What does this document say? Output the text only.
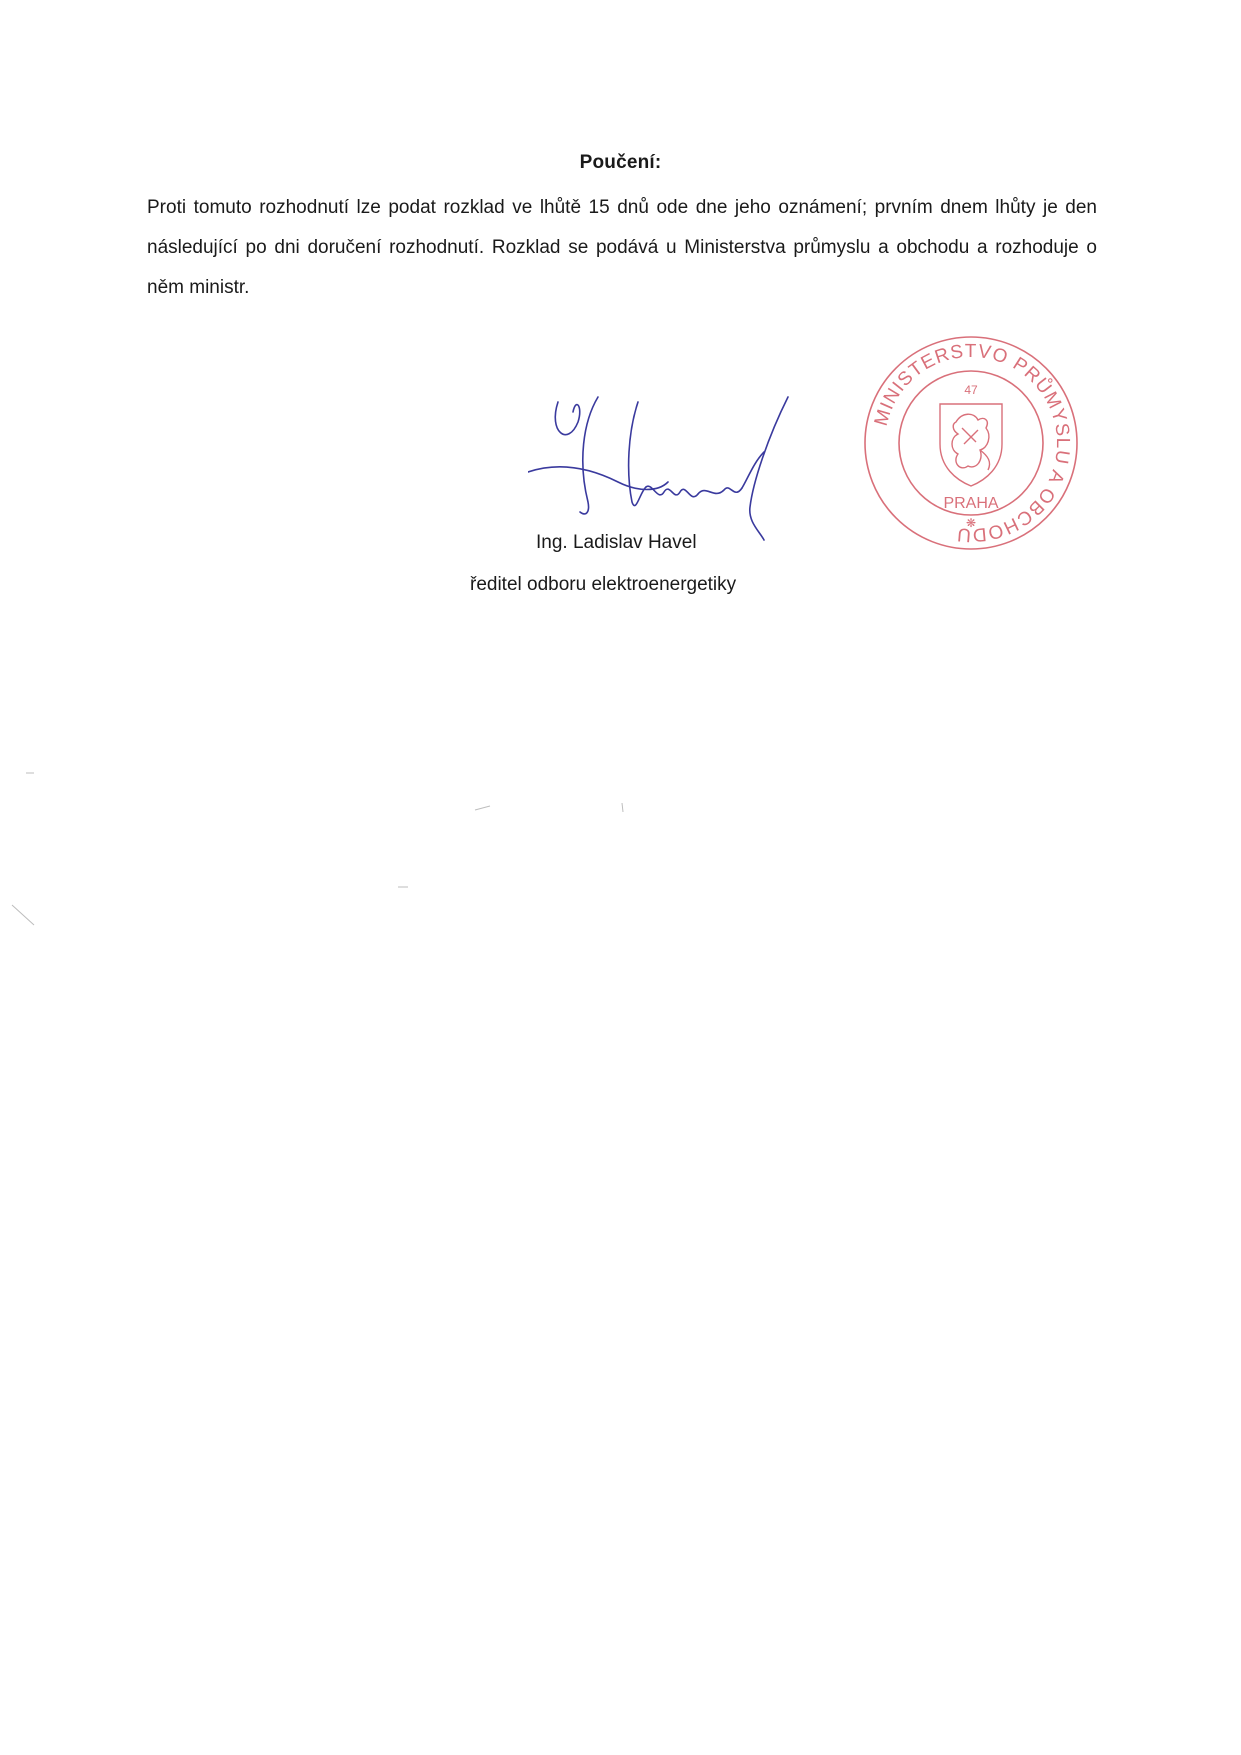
Poučení:
Proti tomuto rozhodnutí lze podat rozklad ve lhůtě 15 dnů ode dne jeho oznámení; prvním dnem lhůty je den následující po dni doručení rozhodnutí. Rozklad se podává u Ministerstva průmyslu a obchodu a rozhoduje o něm ministr.
MINISTERSTVO PRŮMYSLU A OBCHODU
47
PRAHA
❋
Ing. Ladislav Havel
ředitel odboru elektroenergetiky
